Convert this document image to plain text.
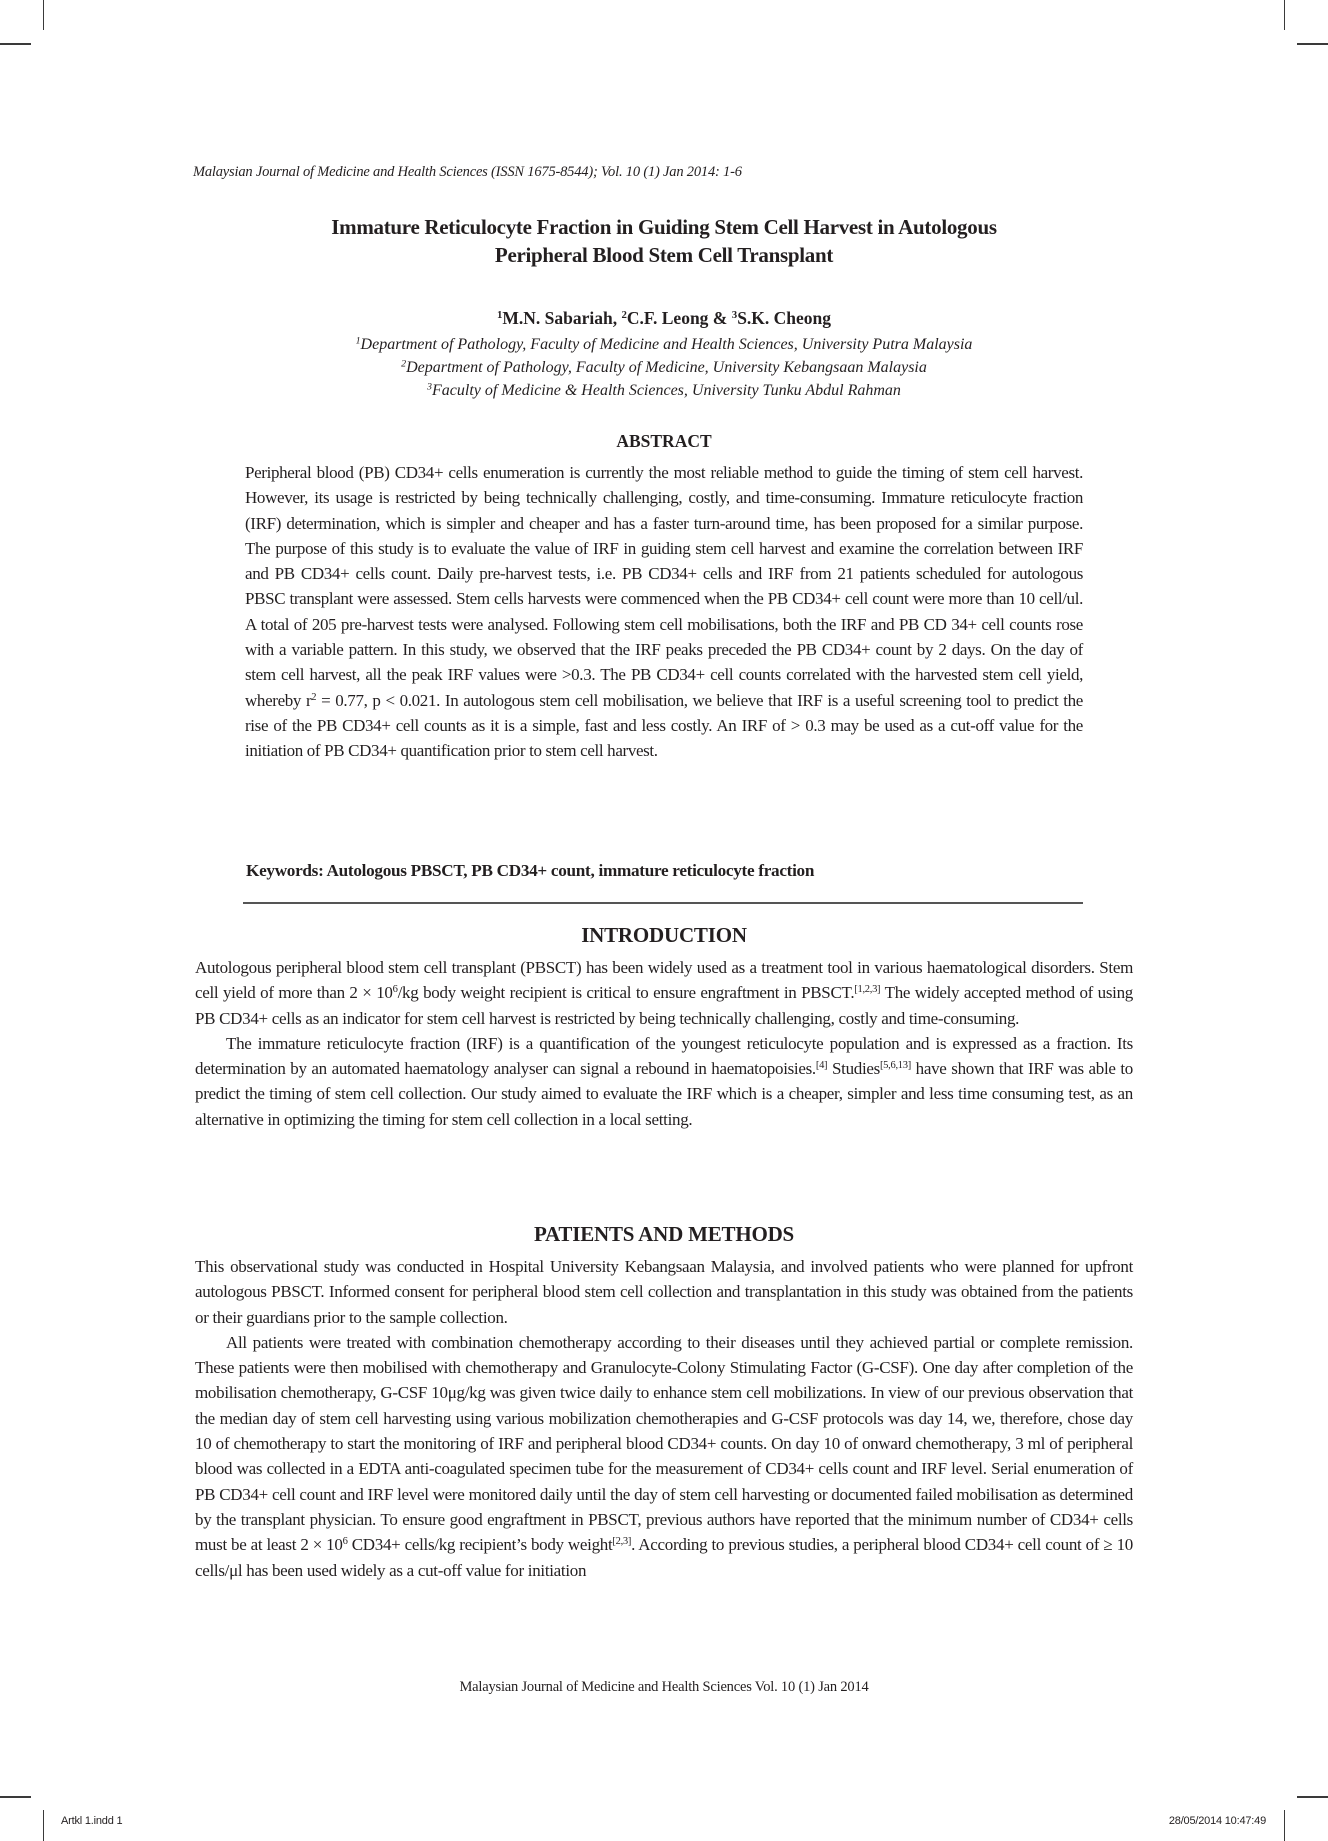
Malaysian Journal of Medicine and Health Sciences (ISSN 1675-8544); Vol. 10 (1) Jan 2014: 1-6
Immature Reticulocyte Fraction in Guiding Stem Cell Harvest in Autologous
Peripheral Blood Stem Cell Transplant
$^1$M.N. Sabariah, $^2$C.F. Leong & $^3$S.K. Cheong
$^1$Department of Pathology, Faculty of Medicine and Health Sciences, University Putra Malaysia
$^2$Department of Pathology, Faculty of Medicine, University Kebangsaan Malaysia
$^3$Faculty of Medicine & Health Sciences, University Tunku Abdul Rahman
ABSTRACT
Peripheral blood (PB) CD34+ cells enumeration is currently the most reliable method to guide the timing of stem cell harvest. However, its usage is restricted by being technically challenging, costly, and time-consuming. Immature reticulocyte fraction (IRF) determination, which is simpler and cheaper and has a faster turn-around time, has been proposed for a similar purpose. The purpose of this study is to evaluate the value of IRF in guiding stem cell harvest and examine the correlation between IRF and PB CD34+ cells count. Daily pre-harvest tests, i.e. PB CD34+ cells and IRF from 21 patients scheduled for autologous PBSC transplant were assessed. Stem cells harvests were commenced when the PB CD34+ cell count were more than 10 cell/ul. A total of 205 pre-harvest tests were analysed. Following stem cell mobilisations, both the IRF and PB CD 34+ cell counts rose with a variable pattern. In this study, we observed that the IRF peaks preceded the PB CD34+ count by 2 days. On the day of stem cell harvest, all the peak IRF values were >0.3. The PB CD34+ cell counts correlated with the harvested stem cell yield, whereby $r^2 = 0.77$, p < 0.021. In autologous stem cell mobilisation, we believe that IRF is a useful screening tool to predict the rise of the PB CD34+ cell counts as it is a simple, fast and less costly. An IRF of > 0.3 may be used as a cut-off value for the initiation of PB CD34+ quantification prior to stem cell harvest.
Keywords: Autologous PBSCT, PB CD34+ count, immature reticulocyte fraction
INTRODUCTION

Autologous peripheral blood stem cell transplant (PBSCT) has been widely used as a treatment tool in various haematological disorders. Stem cell yield of more than $2 \times 10^6/kg$ body weight recipient is critical to ensure engraftment in PBSCT.[1,2,3] The widely accepted method of using PB CD34+ cells as an indicator for stem cell harvest is restricted by being technically challenging, costly and time-consuming.

The immature reticulocyte fraction (IRF) is a quantification of the youngest reticulocyte population and is expressed as a fraction. Its determination by an automated haematology analyser can signal a rebound in haematopoisies.[4] Studies[5,6,13] have shown that IRF was able to predict the timing of stem cell collection. Our study aimed to evaluate the IRF which is a cheaper, simpler and less time consuming test, as an alternative in optimizing the timing for stem cell collection in a local setting.

PATIENTS AND METHODS

This observational study was conducted in Hospital University Kebangsaan Malaysia, and involved patients who were planned for upfront autologous PBSCT. Informed consent for peripheral blood stem cell collection and transplantation in this study was obtained from the patients or their guardians prior to the sample collection.

All patients were treated with combination chemotherapy according to their diseases until they achieved partial or complete remission. These patients were then mobilised with chemotherapy and Granulocyte-Colony Stimulating Factor (G-CSF). One day after completion of the mobilisation chemotherapy, G-CSF 10μg/kg was given twice daily to enhance stem cell mobilizations. In view of our previous observation that the median day of stem cell harvesting using various mobilization chemotherapies and G-CSF protocols was day 14, we, therefore, chose day 10 of chemotherapy to start the monitoring of IRF and peripheral blood CD34+ counts. On day 10 of onward chemotherapy, 3 ml of peripheral blood was collected in a EDTA anti-coagulated specimen tube for the measurement of CD34+ cells count and IRF level. Serial enumeration of PB CD34+ cell count and IRF level were monitored daily until the day of stem cell harvesting or documented failed mobilisation as determined by the transplant physician. To ensure good engraftment in PBSCT, previous authors have reported that the minimum number of CD34+ cells must be at least $2 \times 10^6$ CD34+ cells/kg recipient’s body weight[2,3]. According to previous studies, a peripheral blood CD34+ cell count of ≥ 10 cells/μl has been used widely as a cut-off value for initiation

Malaysian Journal of Medicine and Health Sciences Vol. 10 (1) Jan 2014
Artkl 1.indd 1	28/05/2014 10:47:49
